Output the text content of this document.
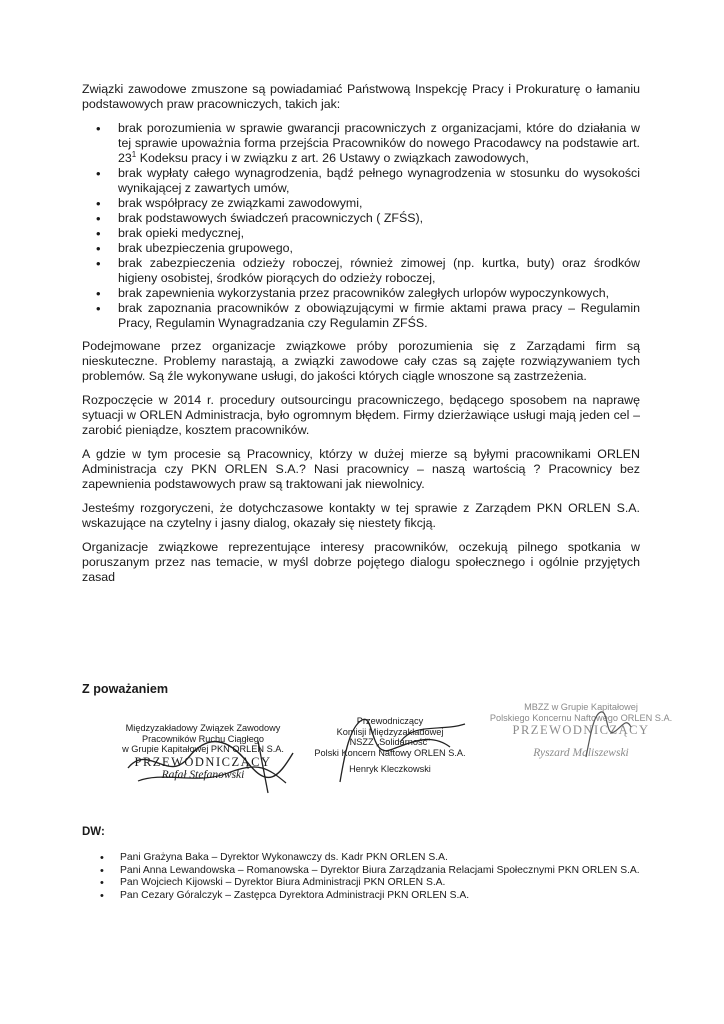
Związki zawodowe zmuszone są powiadamiać Państwową Inspekcję Pracy i Prokuraturę o łamaniu podstawowych praw pracowniczych, takich jak:

• brak porozumienia w sprawie gwarancji pracowniczych z organizacjami, które do działania w tej sprawie upoważnia forma przejścia Pracowników do nowego Pracodawcy na podstawie art. $23^1$ Kodeksu pracy i w związku z art. 26 Ustawy o związkach zawodowych,
• brak wypłaty całego wynagrodzenia, bądź pełnego wynagrodzenia w stosunku do wysokości wynikającej z zawartych umów,
• brak współpracy ze związkami zawodowymi,
• brak podstawowych świadczeń pracowniczych ( ZFŚS),
• brak opieki medycznej,
• brak ubezpieczenia grupowego,
• brak zabezpieczenia odzieży roboczej, również zimowej (np. kurtka, buty) oraz środków higieny osobistej, środków piorących do odzieży roboczej,
• brak zapewnienia wykorzystania przez pracowników zaległych urlopów wypoczynkowych,
• brak zapoznania pracowników z obowiązującymi w firmie aktami prawa pracy – Regulamin Pracy, Regulamin Wynagradzania czy Regulamin ZFŚS.

Podejmowane przez organizacje związkowe próby porozumienia się z Zarządami firm są nieskuteczne. Problemy narastają, a związki zawodowe cały czas są zajęte rozwiązywaniem tych problemów. Są źle wykonywane usługi, do jakości których ciągle wnoszone są zastrzeżenia.

Rozpoczęcie w 2014 r. procedury outsourcingu pracowniczego, będącego sposobem na naprawę sytuacji w ORLEN Administracja, było ogromnym błędem. Firmy dzierżawiące usługi mają jeden cel – zarobić pieniądze, kosztem pracowników.

A gdzie w tym procesie są Pracownicy, którzy w dużej mierze są byłymi pracownikami ORLEN Administracja czy PKN ORLEN S.A.? Nasi pracownicy – naszą wartością ? Pracownicy bez zapewnienia podstawowych praw są traktowani jak niewolnicy.

Jesteśmy rozgoryczeni, że dotychczasowe kontakty w tej sprawie z Zarządem PKN ORLEN S.A. wskazujące na czytelny i jasny dialog, okazały się niestety fikcją.

Organizacje związkowe reprezentujące interesy pracowników, oczekują pilnego spotkania w poruszanym przez nas temacie, w myśl dobrze pojętego dialogu społecznego i ogólnie przyjętych zasad

Z poważaniem
Międzyzakładowy Związek Zawodowy
Pracowników Ruchu Ciągłego
w Grupie Kapitałowej PKN ORLEN S.A.
PRZEWODNICZĄCY
Rafał Stefanowski
Przewodniczący
Komisji Międzyzakładowej
NSZZ „Solidarność"
Polski Koncern Naftowy ORLEN S.A.
Henryk Kleczkowski
MBZZ w Grupie Kapitałowej
Polskiego Koncernu Naftowego ORLEN S.A.
PRZEWODNICZĄCY
Ryszard Maliszewski
DW:
• Pani Grażyna Baka – Dyrektor Wykonawczy ds. Kadr PKN ORLEN S.A.
• Pani Anna Lewandowska – Romanowska – Dyrektor Biura Zarządzania Relacjami Społecznymi PKN ORLEN S.A.
• Pan Wojciech Kijowski – Dyrektor Biura Administracji PKN ORLEN S.A.
• Pan Cezary Góralczyk – Zastępca Dyrektora Administracji PKN ORLEN S.A.
